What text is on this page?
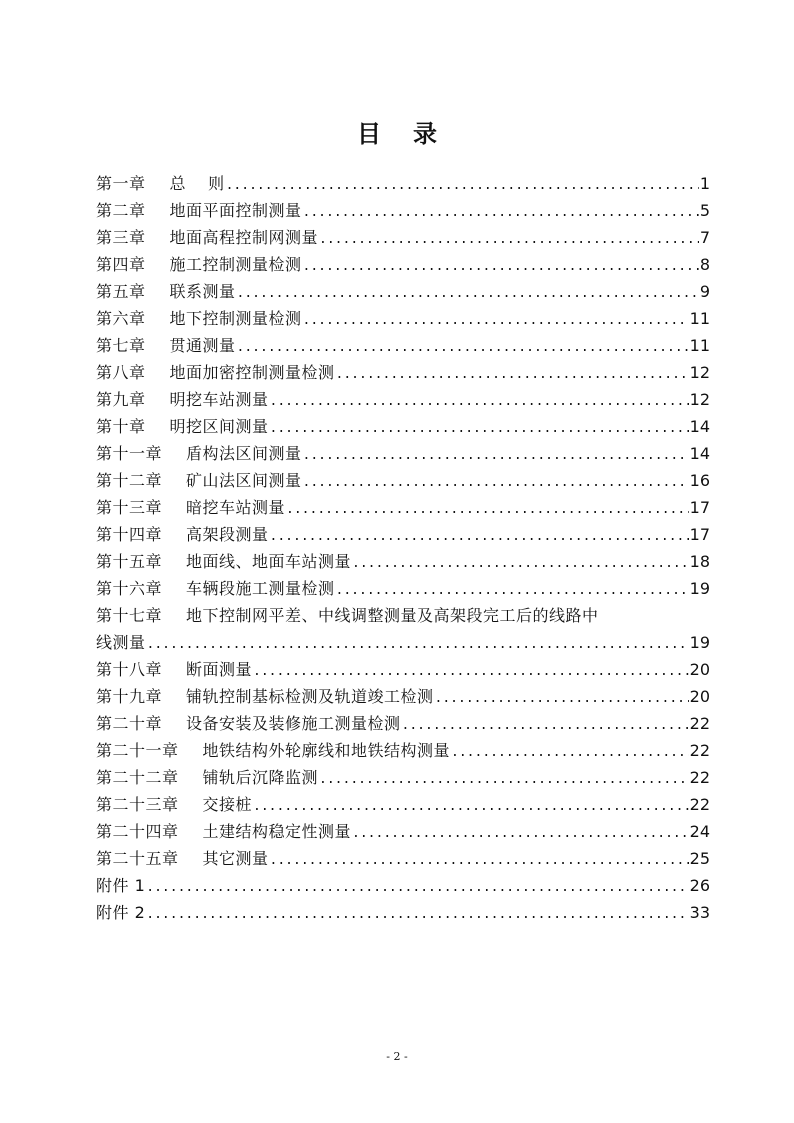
目 录
第一章 总　 则 .....	1
第二章 地面平面控制测量 .....	5
第三章 地面高程控制网测量 .....	7
第四章 施工控制测量检测 .....	8
第五章 联系测量 .....	9
第六章 地下控制测量检测 .....	11
第七章 贯通测量 .....	11
第八章 地面加密控制测量检测 .....	12
第九章 明挖车站测量 .....	12
第十章 明挖区间测量 .....	14
第十一章 盾构法区间测量 .....	14
第十二章 矿山法区间测量 .....	16
第十三章 暗挖车站测量 .....	17
第十四章 高架段测量 .....	17
第十五章 地面线、地面车站测量 .....	18
第十六章 车辆段施工测量检测 .....	19
第十七章 地下控制网平差、中线调整测量及高架段完工后的线路中
线测量 .....	19
第十八章 断面测量 .....	20
第十九章 铺轨控制基标检测及轨道竣工检测 .....	20
第二十章 设备安装及装修施工测量检测 .....	22
第二十一章 地铁结构外轮廓线和地铁结构测量 .....	22
第二十二章 铺轨后沉降监测 .....	22
第二十三章 交接桩 .....	22
第二十四章 土建结构稳定性测量 .....	24
第二十五章 其它测量 .....	25
附件 1 .....	26
附件 2 .....	33
- 2 -
